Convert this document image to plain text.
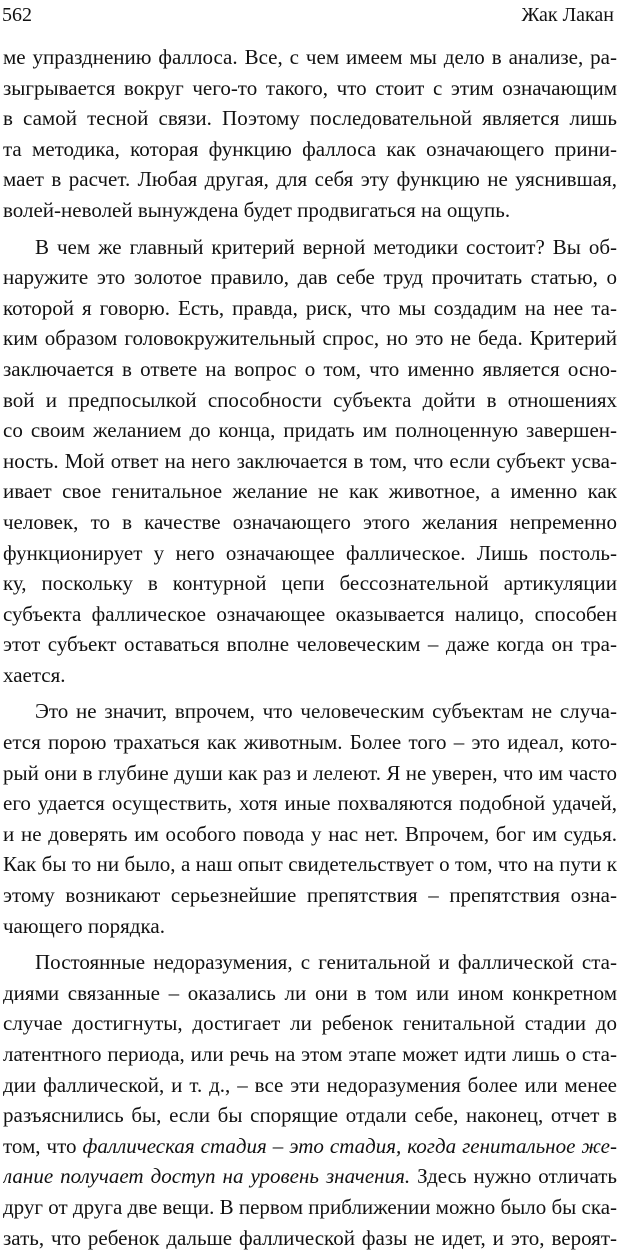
562	Жак Лакан

ме упразднению фаллоса. Все, с чем имеем мы дело в анализе, ра-
зыгрывается вокруг чего-то такого, что стоит с этим означающим
в самой тесной связи. Поэтому последовательной является лишь
та методика, которая функцию фаллоса как означающего прини-
мает в расчет. Любая другая, для себя эту функцию не уяснившая,
волей-неволей вынуждена будет продвигаться на ощупь.

В чем же главный критерий верной методики состоит? Вы об-
наружите это золотое правило, дав себе труд прочитать статью, о
которой я говорю. Есть, правда, риск, что мы создадим на нее та-
ким образом головокружительный спрос, но это не беда. Критерий
заключается в ответе на вопрос о том, что именно является осно-
вой и предпосылкой способности субъекта дойти в отношениях
со своим желанием до конца, придать им полноценную завершен-
ность. Мой ответ на него заключается в том, что если субъект усва-
ивает свое генитальное желание не как животное, а именно как
человек, то в качестве означающего этого желания непременно
функционирует у него означающее фаллическое. Лишь постоль-
ку, поскольку в контурной цепи бессознательной артикуляции
субъекта фаллическое означающее оказывается налицо, способен
этот субъект оставаться вполне человеческим – даже когда он тра-
хается.

Это не значит, впрочем, что человеческим субъектам не случа-
ется порою трахаться как животным. Более того – это идеал, кото-
рый они в глубине души как раз и лелеют. Я не уверен, что им часто
его удается осуществить, хотя иные похваляются подобной удачей,
и не доверять им особого повода у нас нет. Впрочем, бог им судья.
Как бы то ни было, а наш опыт свидетельствует о том, что на пути к
этому возникают серьезнейшие препятствия – препятствия озна-
чающего порядка.

Постоянные недоразумения, с генитальной и фаллической ста-
диями связанные – оказались ли они в том или ином конкретном
случае достигнуты, достигает ли ребенок генитальной стадии до
латентного периода, или речь на этом этапе может идти лишь о ста-
дии фаллической, и т. д., – все эти недоразумения более или менее
разъяснились бы, если бы спорящие отдали себе, наконец, отчет в
том, что фаллическая стадия – это стадия, когда генитальное же-
лание получает доступ на уровень значения. Здесь нужно отличать
друг от друга две вещи. В первом приближении можно было бы ска-
зать, что ребенок дальше фаллической фазы не идет, и это, вероят-
